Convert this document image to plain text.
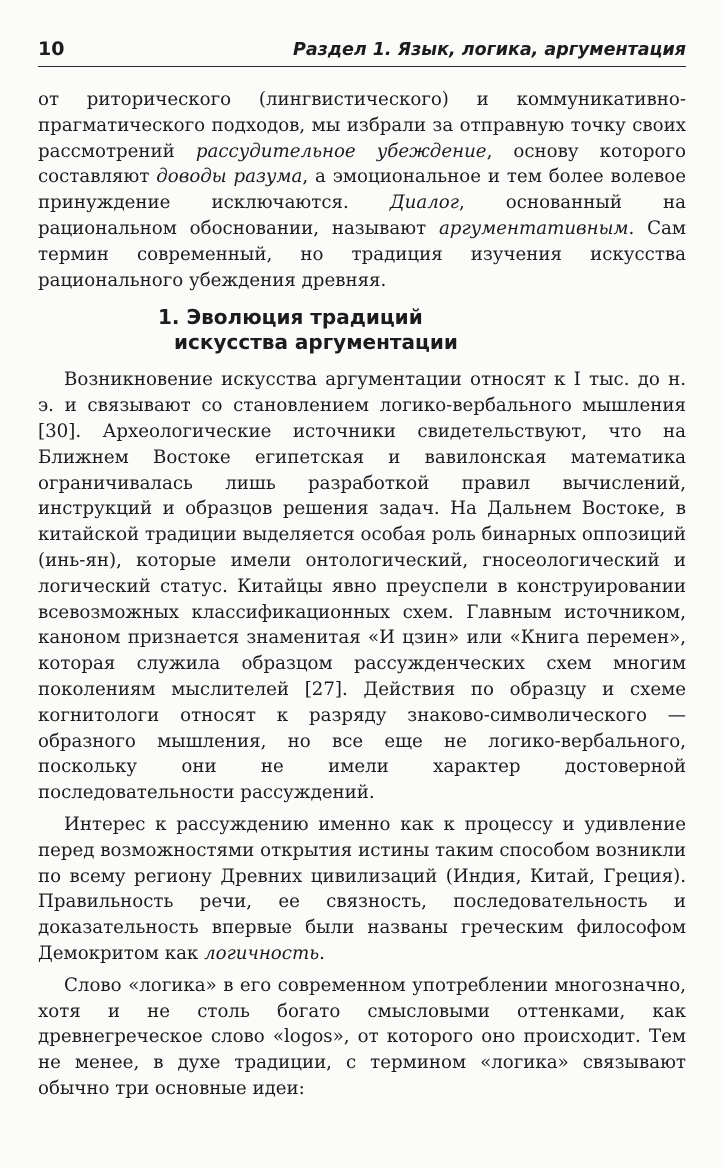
10	Раздел 1. Язык, логика, аргументация

от риторического (лингвистического) и коммуникативно-прагматического подходов, мы избрали за отправную точку своих рассмотрений рассудительное убеждение, основу которого составляют доводы разума, а эмоциональное и тем более волевое принуждение исключаются. Диалог, основанный на рациональном обосновании, называют аргументативным. Сам термин современный, но традиция изучения искусства рационального убеждения древняя.

1. Эволюция традиций
искусства аргументации

Возникновение искусства аргументации относят к I тыс. до н. э. и связывают со становлением логико-вербального мышления [30]. Археологические источники свидетельствуют, что на Ближнем Востоке египетская и вавилонская математика ограничивалась лишь разработкой правил вычислений, инструкций и образцов решения задач. На Дальнем Востоке, в китайской традиции выделяется особая роль бинарных оппозиций (инь-ян), которые имели онтологический, гносеологический и логический статус. Китайцы явно преуспели в конструировании всевозможных классификационных схем. Главным источником, каноном признается знаменитая «И цзин» или «Книга перемен», которая служила образцом рассужденческих схем многим поколениям мыслителей [27]. Действия по образцу и схеме когнитологи относят к разряду знаково-символического — образного мышления, но все еще не логико-вербального, поскольку они не имели характер достоверной последовательности рассуждений.

Интерес к рассуждению именно как к процессу и удивление перед возможностями открытия истины таким способом возникли по всему региону Древних цивилизаций (Индия, Китай, Греция). Правильность речи, ее связность, последовательность и доказательность впервые были названы греческим философом Демокритом как логичность.

Слово «логика» в его современном употреблении многозначно, хотя и не столь богато смысловыми оттенками, как древнегреческое слово «logos», от которого оно происходит. Тем не менее, в духе традиции, с термином «логика» связывают обычно три основные идеи:
